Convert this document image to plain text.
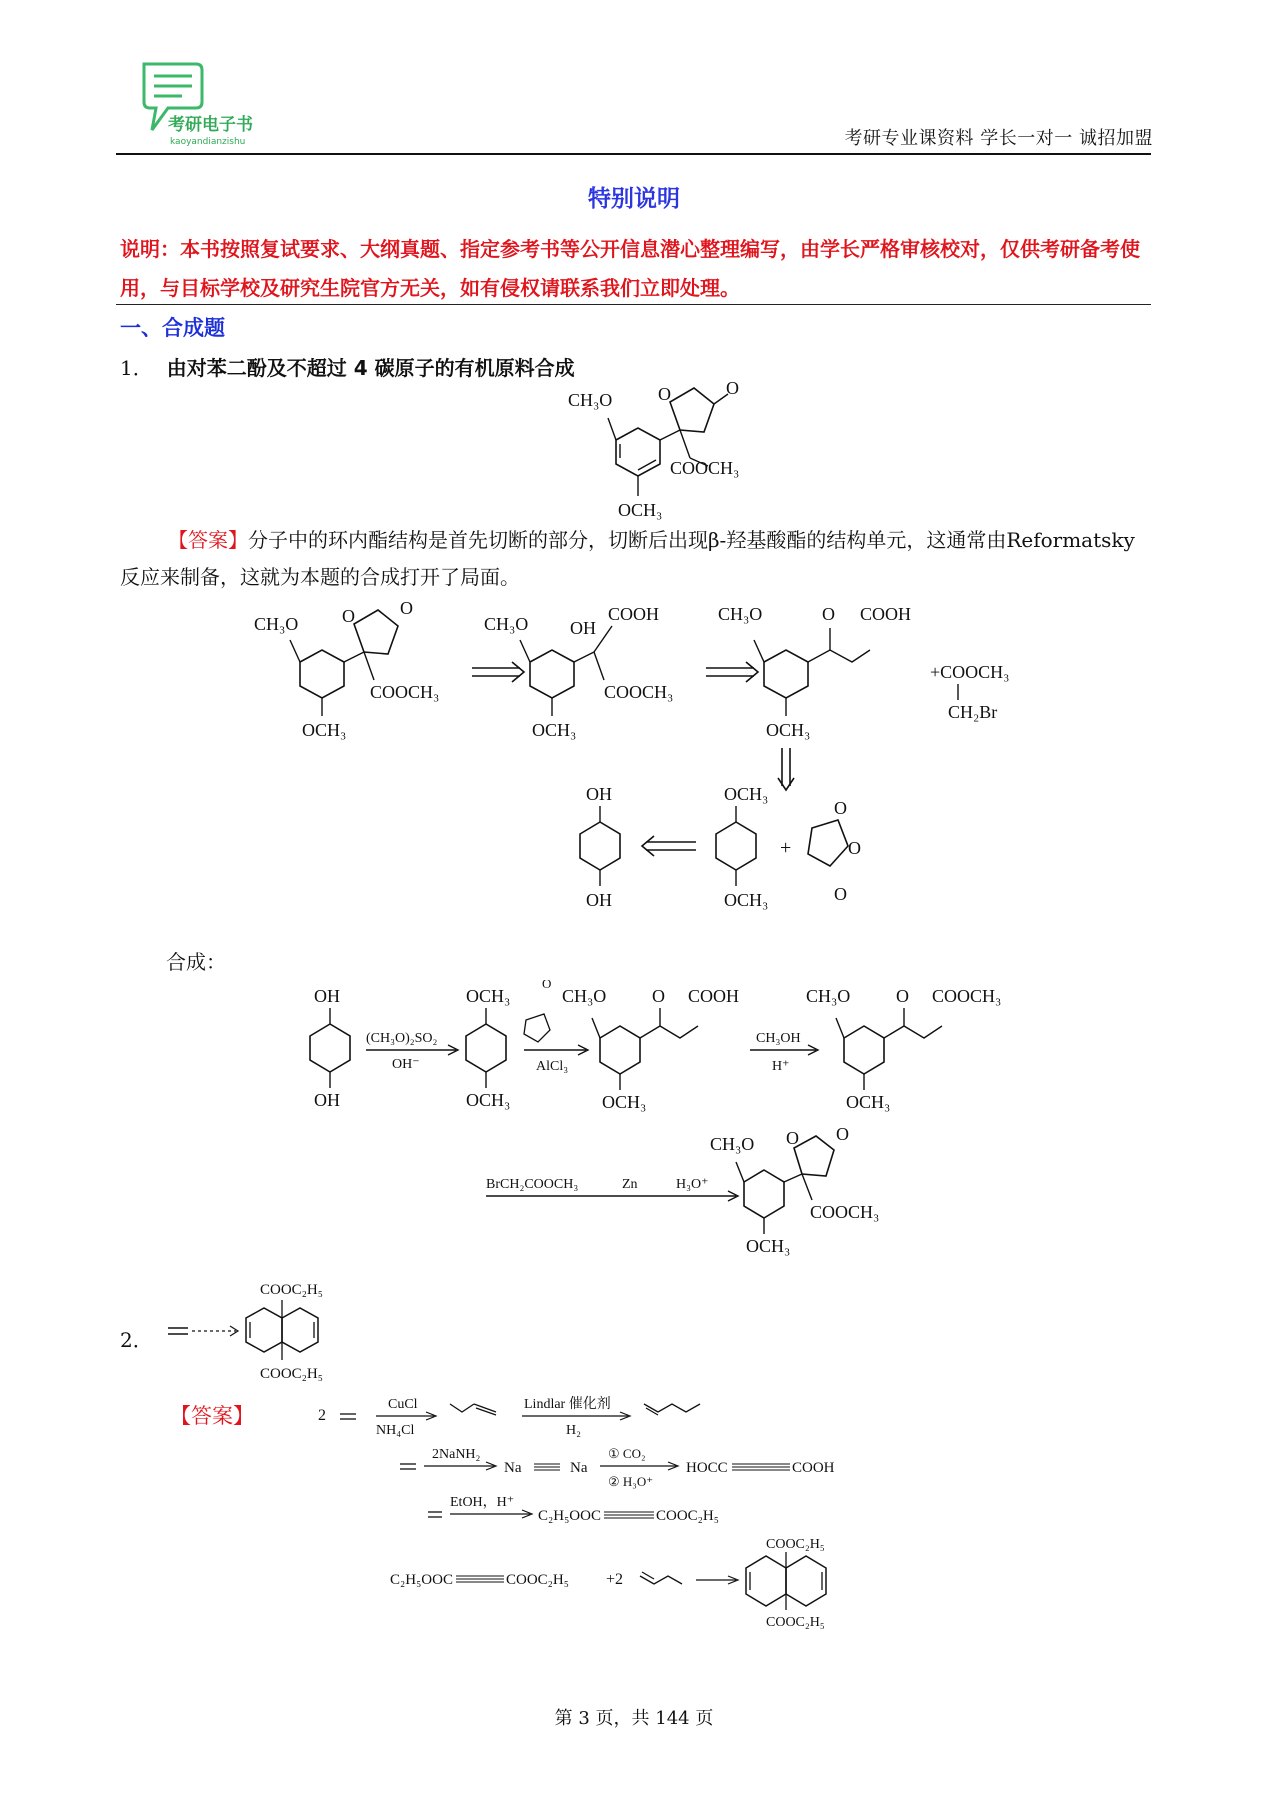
考研电子书
kaoyandianzishu	考研专业课资料 学长一对一 诚招加盟
特别说明
说明：本书按照复试要求、大纲真题、指定参考书等公开信息潜心整理编写，由学长严格审核校对，仅供考研备考使用，与目标学校及研究生院官方无关，如有侵权请联系我们立即处理。
一、合成题
1． 由对苯二酚及不超过 4 碳原子的有机原料合成
CH₃O	O	O
COOCH₃
OCH₃
【答案】分子中的环内酯结构是首先切断的部分，切断后出现β-羟基酸酯的结构单元，这通常由Reformatsky 反应来制备，这就为本题的合成打开了局面。
CH₃O O	O
COOCH₃
OCH₃
CH₃O OH
COOH
COOCH₃
OCH₃
CH₃O	O COOH
OCH₃
+COOCH₃
CH₂Br
OH
OH
OCH₃
OCH₃
+
O
O
O
合成：
OH
OH
(CH₃O)₂SO₂
OH⁻
OCH₃
OCH₃
O
AlCl₃
CH₃O	O COOH
OCH₃
CH₃OH
H⁺
CH₃O	O COOCH₃
OCH₃
BrCH₂COOCH₃	Zn	H₃O⁺
CH₃O O O
COOCH₃
OCH₃
2．
COOC₂H₅
COOC₂H₅
【答案】	2
CuCl
NH₄Cl
Lindlar 催化剂
H₂
2NaNH₂
Na	Na
① CO₂
② H₃O⁺
HOCC	COOH
EtOH，H⁺
C₂H₅OOC	COOC₂H₅
C₂H₅OOC	COOC₂H₅ +2
COOC₂H₅
COOC₂H₅
第 3 页，共 144 页
